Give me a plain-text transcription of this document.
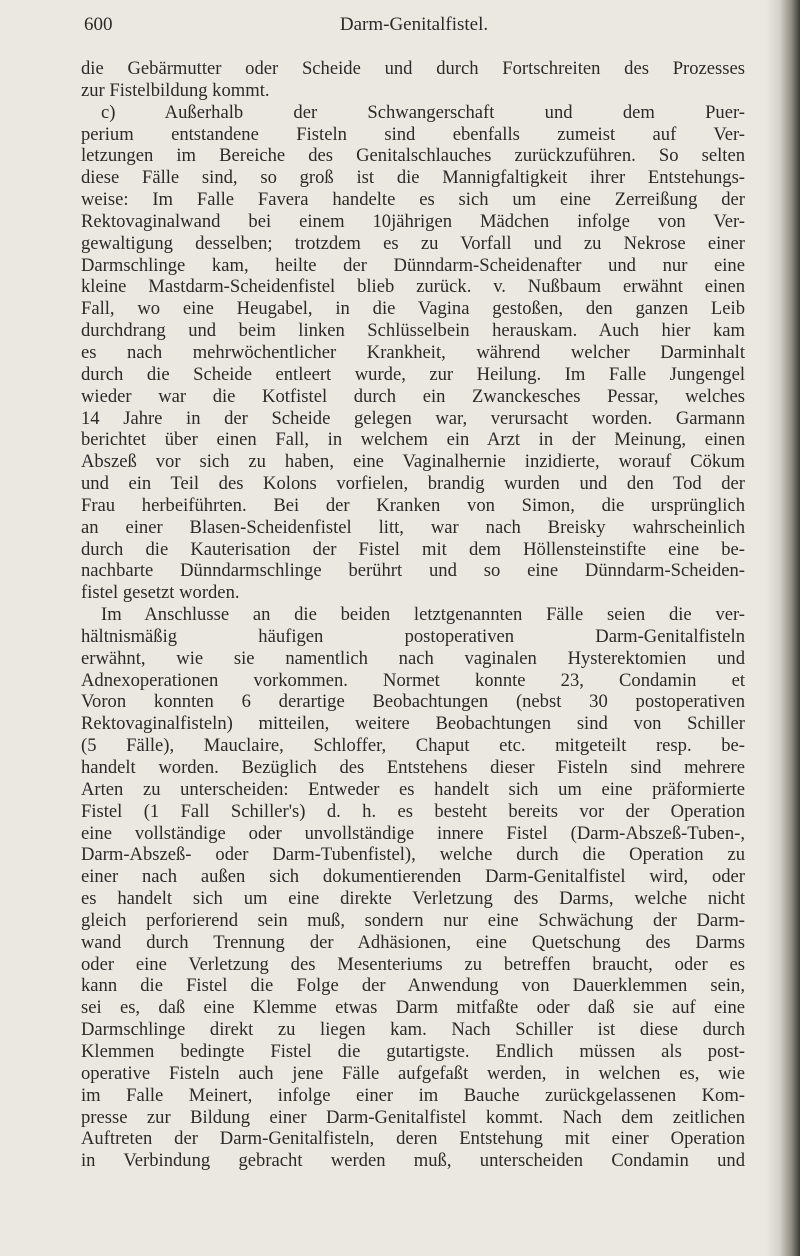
600	Darm-Genitalfistel.
die Gebärmutter oder Scheide und durch Fortschreiten des Prozesses
zur Fistelbildung kommt.
c) Außerhalb der Schwangerschaft und dem Puer-
perium entstandene Fisteln sind ebenfalls zumeist auf Ver-
letzungen im Bereiche des Genitalschlauches zurückzuführen. So selten
diese Fälle sind, so groß ist die Mannigfaltigkeit ihrer Entstehungs-
weise: Im Falle Favera handelte es sich um eine Zerreißung der
Rektovaginalwand bei einem 10jährigen Mädchen infolge von Ver-
gewaltigung desselben; trotzdem es zu Vorfall und zu Nekrose einer
Darmschlinge kam, heilte der Dünndarm-Scheidenafter und nur eine
kleine Mastdarm-Scheidenfistel blieb zurück. v. Nußbaum erwähnt einen
Fall, wo eine Heugabel, in die Vagina gestoßen, den ganzen Leib
durchdrang und beim linken Schlüsselbein herauskam. Auch hier kam
es nach mehrwöchentlicher Krankheit, während welcher Darminhalt
durch die Scheide entleert wurde, zur Heilung. Im Falle Jungengel
wieder war die Kotfistel durch ein Zwanckesches Pessar, welches
14 Jahre in der Scheide gelegen war, verursacht worden. Garmann
berichtet über einen Fall, in welchem ein Arzt in der Meinung, einen
Abszeß vor sich zu haben, eine Vaginalhernie inzidierte, worauf Cökum
und ein Teil des Kolons vorfielen, brandig wurden und den Tod der
Frau herbeiführten. Bei der Kranken von Simon, die ursprünglich
an einer Blasen-Scheidenfistel litt, war nach Breisky wahrscheinlich
durch die Kauterisation der Fistel mit dem Höllensteinstifte eine be-
nachbarte Dünndarmschlinge berührt und so eine Dünndarm-Scheiden-
fistel gesetzt worden.
Im Anschlusse an die beiden letztgenannten Fälle seien die ver-
hältnismäßig häufigen postoperativen Darm-Genitalfisteln
erwähnt, wie sie namentlich nach vaginalen Hysterektomien und
Adnexoperationen vorkommen. Normet konnte 23, Condamin et
Voron konnten 6 derartige Beobachtungen (nebst 30 postoperativen
Rektovaginalfisteln) mitteilen, weitere Beobachtungen sind von Schiller
(5 Fälle), Mauclaire, Schloffer, Chaput etc. mitgeteilt resp. be-
handelt worden. Bezüglich des Entstehens dieser Fisteln sind mehrere
Arten zu unterscheiden: Entweder es handelt sich um eine präformierte
Fistel (1 Fall Schiller's) d. h. es besteht bereits vor der Operation
eine vollständige oder unvollständige innere Fistel (Darm-Abszeß-Tuben-,
Darm-Abszeß- oder Darm-Tubenfistel), welche durch die Operation zu
einer nach außen sich dokumentierenden Darm-Genitalfistel wird, oder
es handelt sich um eine direkte Verletzung des Darms, welche nicht
gleich perforierend sein muß, sondern nur eine Schwächung der Darm-
wand durch Trennung der Adhäsionen, eine Quetschung des Darms
oder eine Verletzung des Mesenteriums zu betreffen braucht, oder es
kann die Fistel die Folge der Anwendung von Dauerklemmen sein,
sei es, daß eine Klemme etwas Darm mitfaßte oder daß sie auf eine
Darmschlinge direkt zu liegen kam. Nach Schiller ist diese durch
Klemmen bedingte Fistel die gutartigste. Endlich müssen als post-
operative Fisteln auch jene Fälle aufgefaßt werden, in welchen es, wie
im Falle Meinert, infolge einer im Bauche zurückgelassenen Kom-
presse zur Bildung einer Darm-Genitalfistel kommt. Nach dem zeitlichen
Auftreten der Darm-Genitalfisteln, deren Entstehung mit einer Operation
in Verbindung gebracht werden muß, unterscheiden Condamin und
